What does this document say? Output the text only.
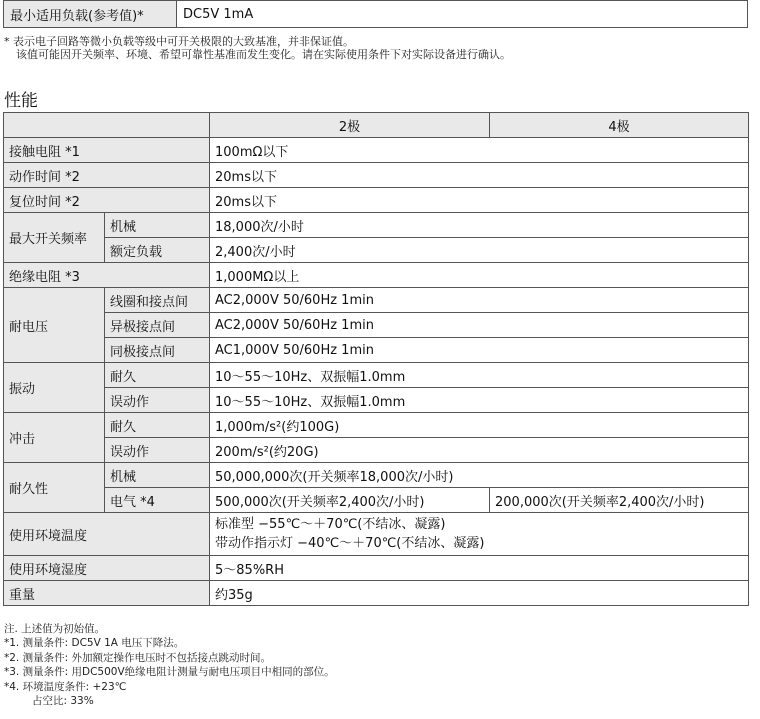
最小适用负载(参考值)*	DC5V 1mA
* 表示电子回路等微小负载等级中可开关极限的大致基准，并非保证值。
该值可能因开关频率、环境、希望可靠性基准而发生变化。请在实际使用条件下对实际设备进行确认。
性能
		2极	4极
接触电阻 *1		100mΩ以下	
动作时间 *2		20ms以下	
复位时间 *2		20ms以下	
最大开关频率	机械	18,000次/小时	
	额定负载	2,400次/小时	
绝缘电阻 *3		1,000MΩ以上	
耐电压	线圈和接点间	AC2,000V 50/60Hz 1min	
	异极接点间	AC2,000V 50/60Hz 1min	
	同极接点间	AC1,000V 50/60Hz 1min	
振动	耐久	10～55～10Hz、双振幅1.0mm	
	误动作	10～55～10Hz、双振幅1.0mm	
冲击	耐久	1,000m/s²(约100G)	
	误动作	200m/s²(约20G)	
耐久性	机械	50,000,000次(开关频率18,000次/小时)	
	电气 *4	500,000次(开关频率2,400次/小时)	200,000次(开关频率2,400次/小时)
使用环境温度		标准型 −55℃～＋70℃(不结冰、凝露)
带动作指示灯 −40℃～＋70℃(不结冰、凝露)	

使用环境湿度		5～85%RH	
重量		约35g	
注. 上述值为初始值。
*1. 测量条件: DC5V 1A 电压下降法。
*2. 测量条件: 外加额定操作电压时不包括接点跳动时间。
*3. 测量条件: 用DC500V绝缘电阻计测量与耐电压项目中相同的部位。
*4. 环境温度条件: +23℃
占空比: 33%
